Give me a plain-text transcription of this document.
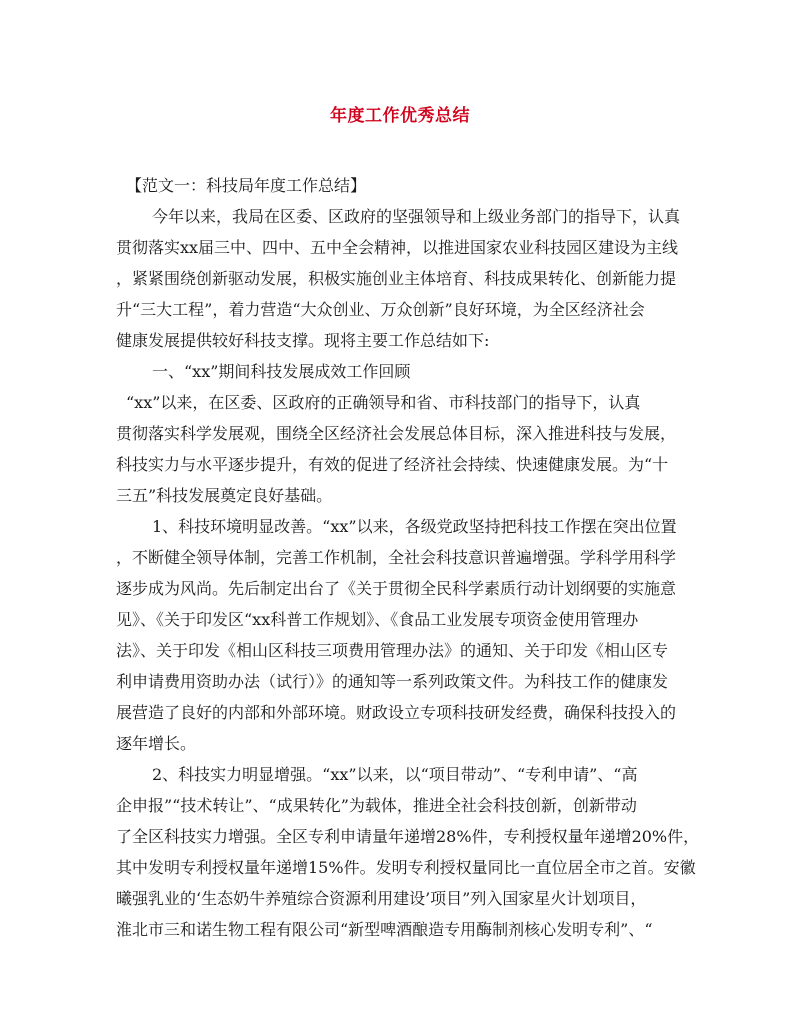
年度工作优秀总结
【范文一：科技局年度工作总结】
今年以来，我局在区委、区政府的坚强领导和上级业务部门的指导下，认真
贯彻落实xx届三中、四中、五中全会精神，以推进国家农业科技园区建设为主线
，紧紧围绕创新驱动发展，积极实施创业主体培育、科技成果转化、创新能力提
升“三大工程”，着力营造“大众创业、万众创新”良好环境，为全区经济社会
健康发展提供较好科技支撑。现将主要工作总结如下:
一、“xx”期间科技发展成效工作回顾
“xx”以来，在区委、区政府的正确领导和省、市科技部门的指导下，认真
贯彻落实科学发展观，围绕全区经济社会发展总体目标，深入推进科技与发展，
科技实力与水平逐步提升，有效的促进了经济社会持续、快速健康发展。为“十
三五”科技发展奠定良好基础。
1、科技环境明显改善。“xx”以来，各级党政坚持把科技工作摆在突出位置
，不断健全领导体制，完善工作机制，全社会科技意识普遍增强。学科学用科学
逐步成为风尚。先后制定出台了《关于贯彻全民科学素质行动计划纲要的实施意
见》、《关于印发区“xx科普工作规划》、《食品工业发展专项资金使用管理办
法》、关于印发《相山区科技三项费用管理办法》的通知、关于印发《相山区专
利申请费用资助办法（试行）》的通知等一系列政策文件。为科技工作的健康发
展营造了良好的内部和外部环境。财政设立专项科技研发经费，确保科技投入的
逐年增长。
2、科技实力明显增强。“xx”以来，以“项目带动”、“专利申请”、“高
企申报”“技术转让”、“成果转化”为载体，推进全社会科技创新，创新带动
了全区科技实力增强。全区专利申请量年递增28%件，专利授权量年递增20%件，
其中发明专利授权量年递增15%件。发明专利授权量同比一直位居全市之首。安徽
曦强乳业的‘生态奶牛养殖综合资源利用建设’项目”列入国家星火计划项目，
淮北市三和诺生物工程有限公司“新型啤酒酿造专用酶制剂核心发明专利”、“
